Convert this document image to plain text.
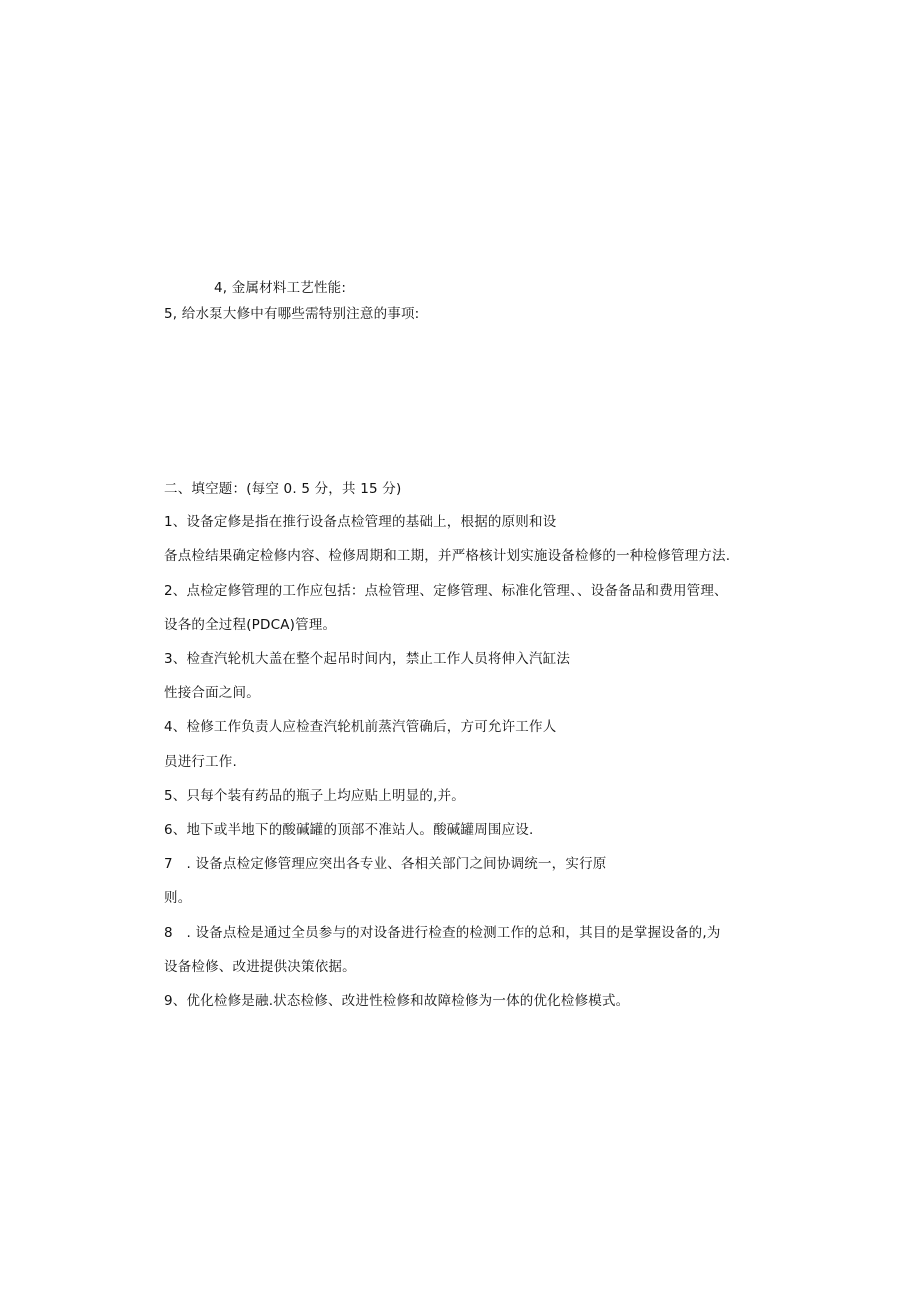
4, 金属材料工艺性能:
5, 给水泵大修中有哪些需特别注意的事项:
二、填空题：(每空 0. 5 分，共 15 分)
1、设备定修是指在推行设备点检管理的基础上，根据的原则和设
备点检结果确定检修内容、检修周期和工期，并严格核计划实施设备检修的一种检修管理方法.
2、点检定修管理的工作应包括：点检管理、定修管理、标准化管理、、设备备品和费用管理、
设各的全过程(PDCA)管理。
3、检查汽轮机大盖在整个起吊时间内，禁止工作人员将伸入汽缸法
性接合面之间。
4、检修工作负责人应检查汽轮机前蒸汽管确后，方可允许工作人
员进行工作.
5、只每个装有药品的瓶子上均应贴上明显的,并。
6、地下或半地下的酸碱罐的顶部不准站人。酸碱罐周围应设.
7　. 设备点检定修管理应突出各专业、各相关部门之间协调统一，实行原
则。
8　. 设备点检是通过全员参与的对设备进行检查的检测工作的总和，其目的是掌握设备的,为
设备检修、改进提供决策依据。
9、优化检修是融.状态检修、改进性检修和故障检修为一体的优化检修模式。
